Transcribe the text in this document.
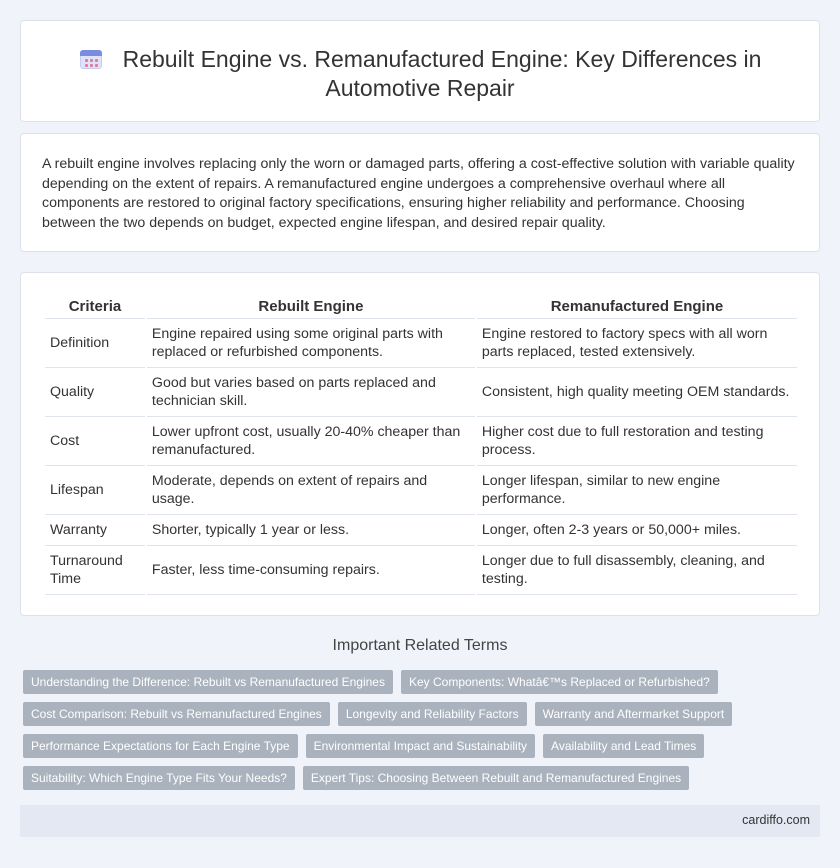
Rebuilt Engine vs. Remanufactured Engine: Key Differences in Automotive Repair

A rebuilt engine involves replacing only the worn or damaged parts, offering a cost-effective solution with variable quality depending on the extent of repairs. A remanufactured engine undergoes a comprehensive overhaul where all components are restored to original factory specifications, ensuring higher reliability and performance. Choosing between the two depends on budget, expected engine lifespan, and desired repair quality.

Criteria	Rebuilt Engine	Remanufactured Engine
Definition	Engine repaired using some original parts with replaced or refurbished components.	Engine restored to factory specs with all worn parts replaced, tested extensively.
Quality	Good but varies based on parts replaced and technician skill.	Consistent, high quality meeting OEM standards.
Cost	Lower upfront cost, usually 20-40% cheaper than remanufactured.	Higher cost due to full restoration and testing process.
Lifespan	Moderate, depends on extent of repairs and usage.	Longer lifespan, similar to new engine performance.
Warranty	Shorter, typically 1 year or less.	Longer, often 2-3 years or 50,000+ miles.
Turnaround Time	Faster, less time-consuming repairs.	Longer due to full disassembly, cleaning, and testing.
Important Related Terms
Understanding the Difference: Rebuilt vs Remanufactured Engines	Key Components: Whatâ€™s Replaced or Refurbished?
Cost Comparison: Rebuilt vs Remanufactured Engines	Longevity and Reliability Factors	Warranty and Aftermarket Support
Performance Expectations for Each Engine Type	Environmental Impact and Sustainability	Availability and Lead Times
Suitability: Which Engine Type Fits Your Needs?	Expert Tips: Choosing Between Rebuilt and Remanufactured Engines
cardiffo.com
